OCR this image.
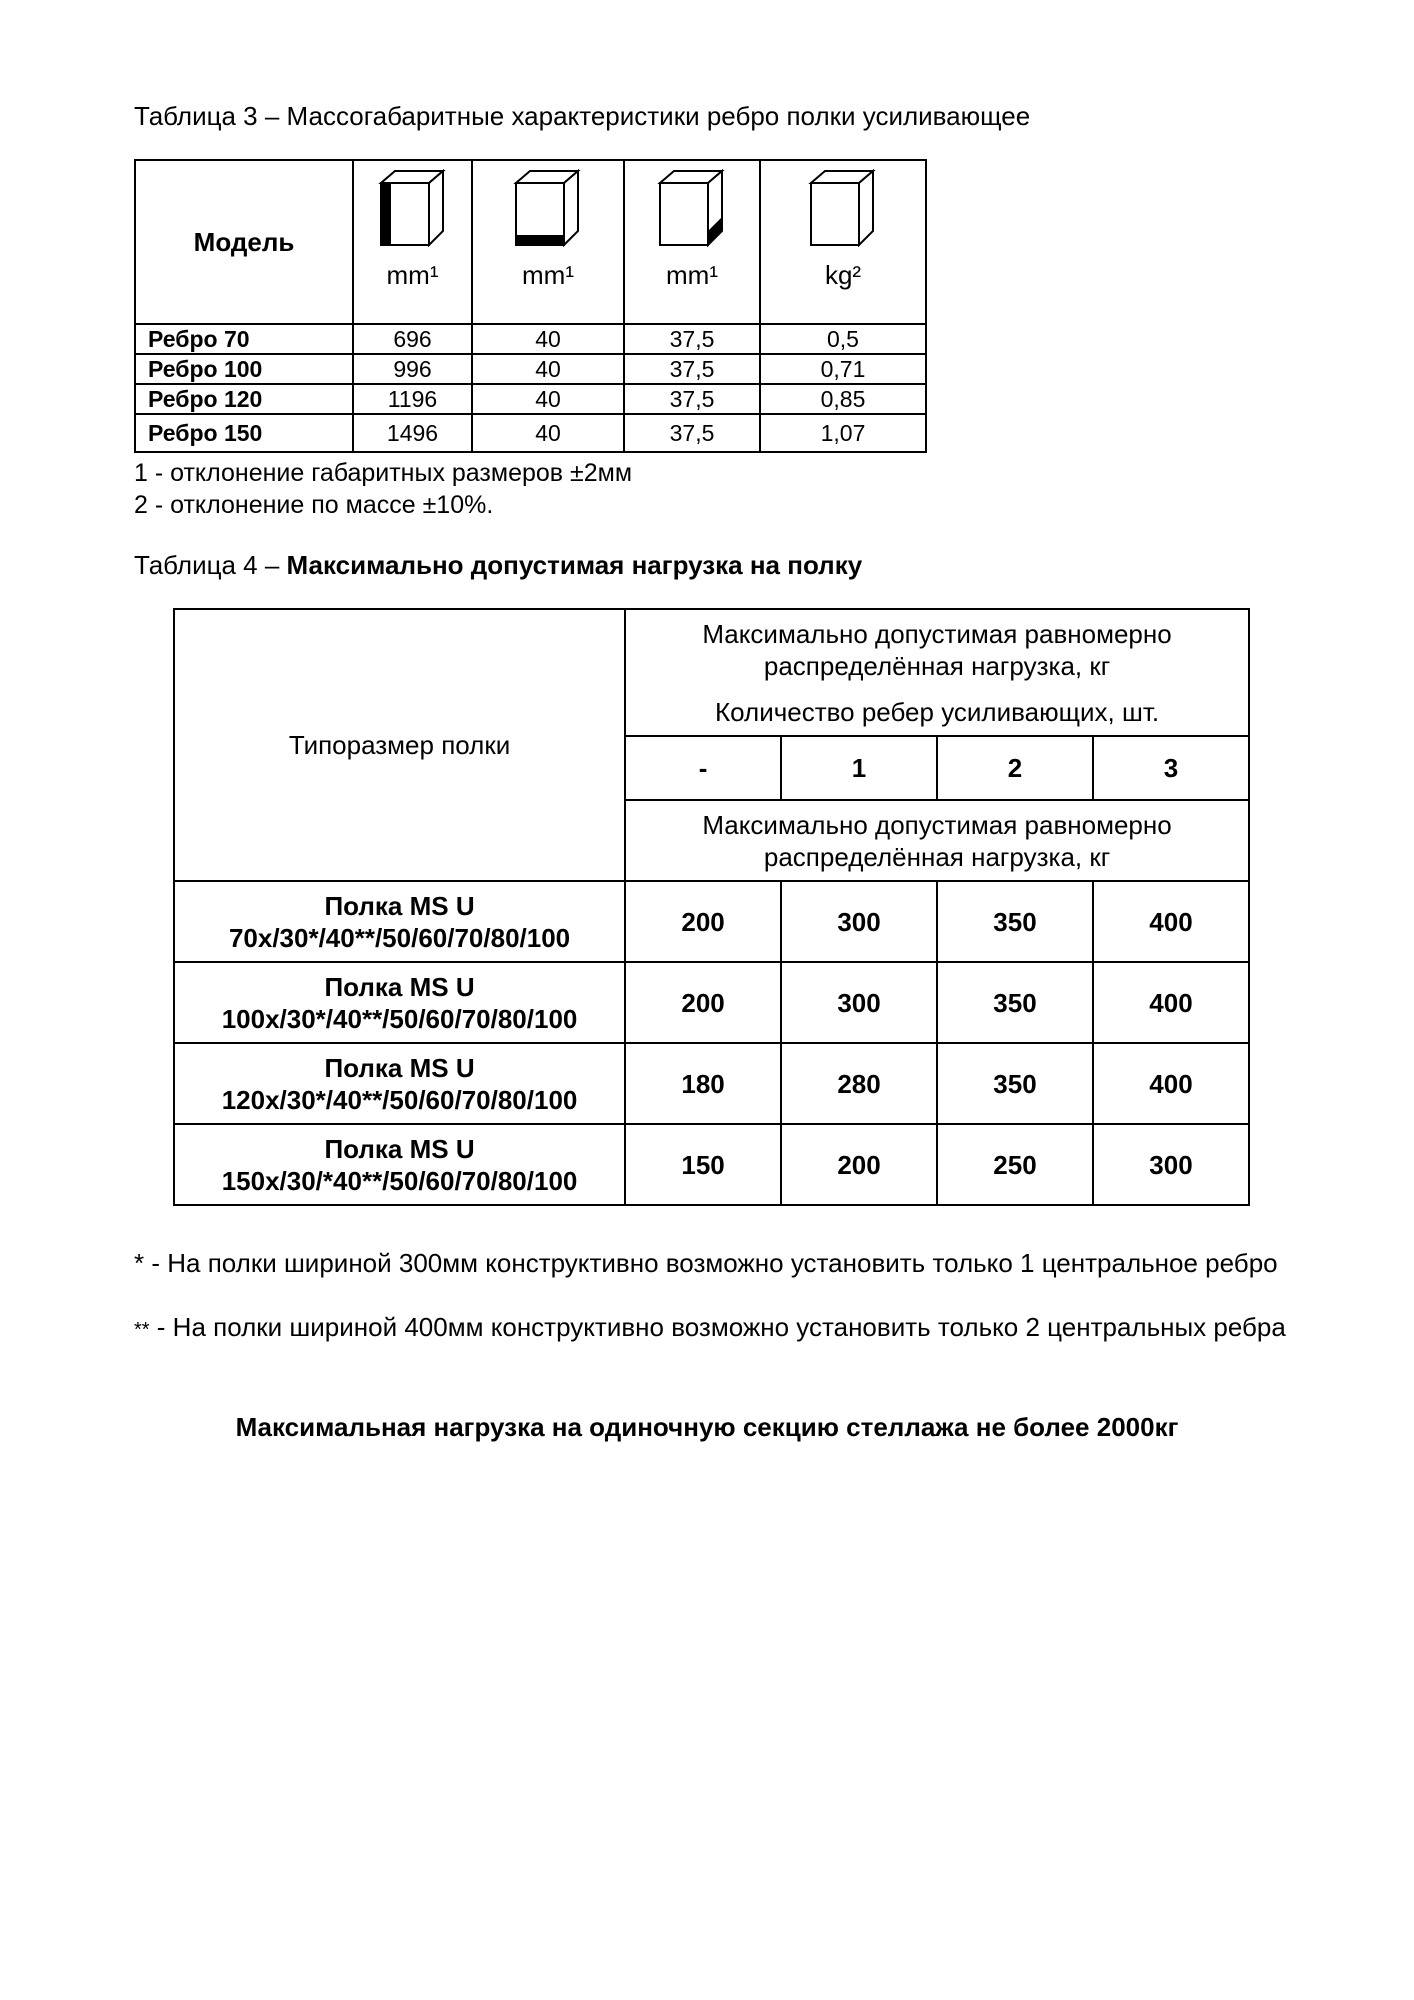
Таблица 3 – Массогабаритные характеристики ребро полки усиливающее
Модель	mm¹	mm¹	mm¹	kg²

Ребро 70	696	40	37,5	0,5
Ребро 100	996	40	37,5	0,71
Ребро 120	1196	40	37,5	0,85
Ребро 150	1496	40	37,5	1,07
1 - отклонение габаритных размеров ±2мм
2 - отклонение по массе ±10%.
Таблица 4 – Максимально допустимая нагрузка на полку
Типоразмер полки	Максимально допустимая равномерно
распределённая нагрузка, кг
Количество ребер усиливающих, шт.			

	-	1	2	3

	Максимально допустимая равномерно
распределённая нагрузка, кг			

Полка MS U
70х/30*/40**/50/60/70/80/100	200	300	350	400

Полка MS U
100х/30*/40**/50/60/70/80/100	200	300	350	400

Полка MS U
120х/30*/40**/50/60/70/80/100	180	280	350	400

Полка MS U
150х/30/*40**/50/60/70/80/100	150	200	250	300
* - На полки шириной 300мм конструктивно возможно установить только 1 центральное ребро
** - На полки шириной 400мм конструктивно возможно установить только 2 центральных ребра
Максимальная нагрузка на одиночную секцию стеллажа не более 2000кг
